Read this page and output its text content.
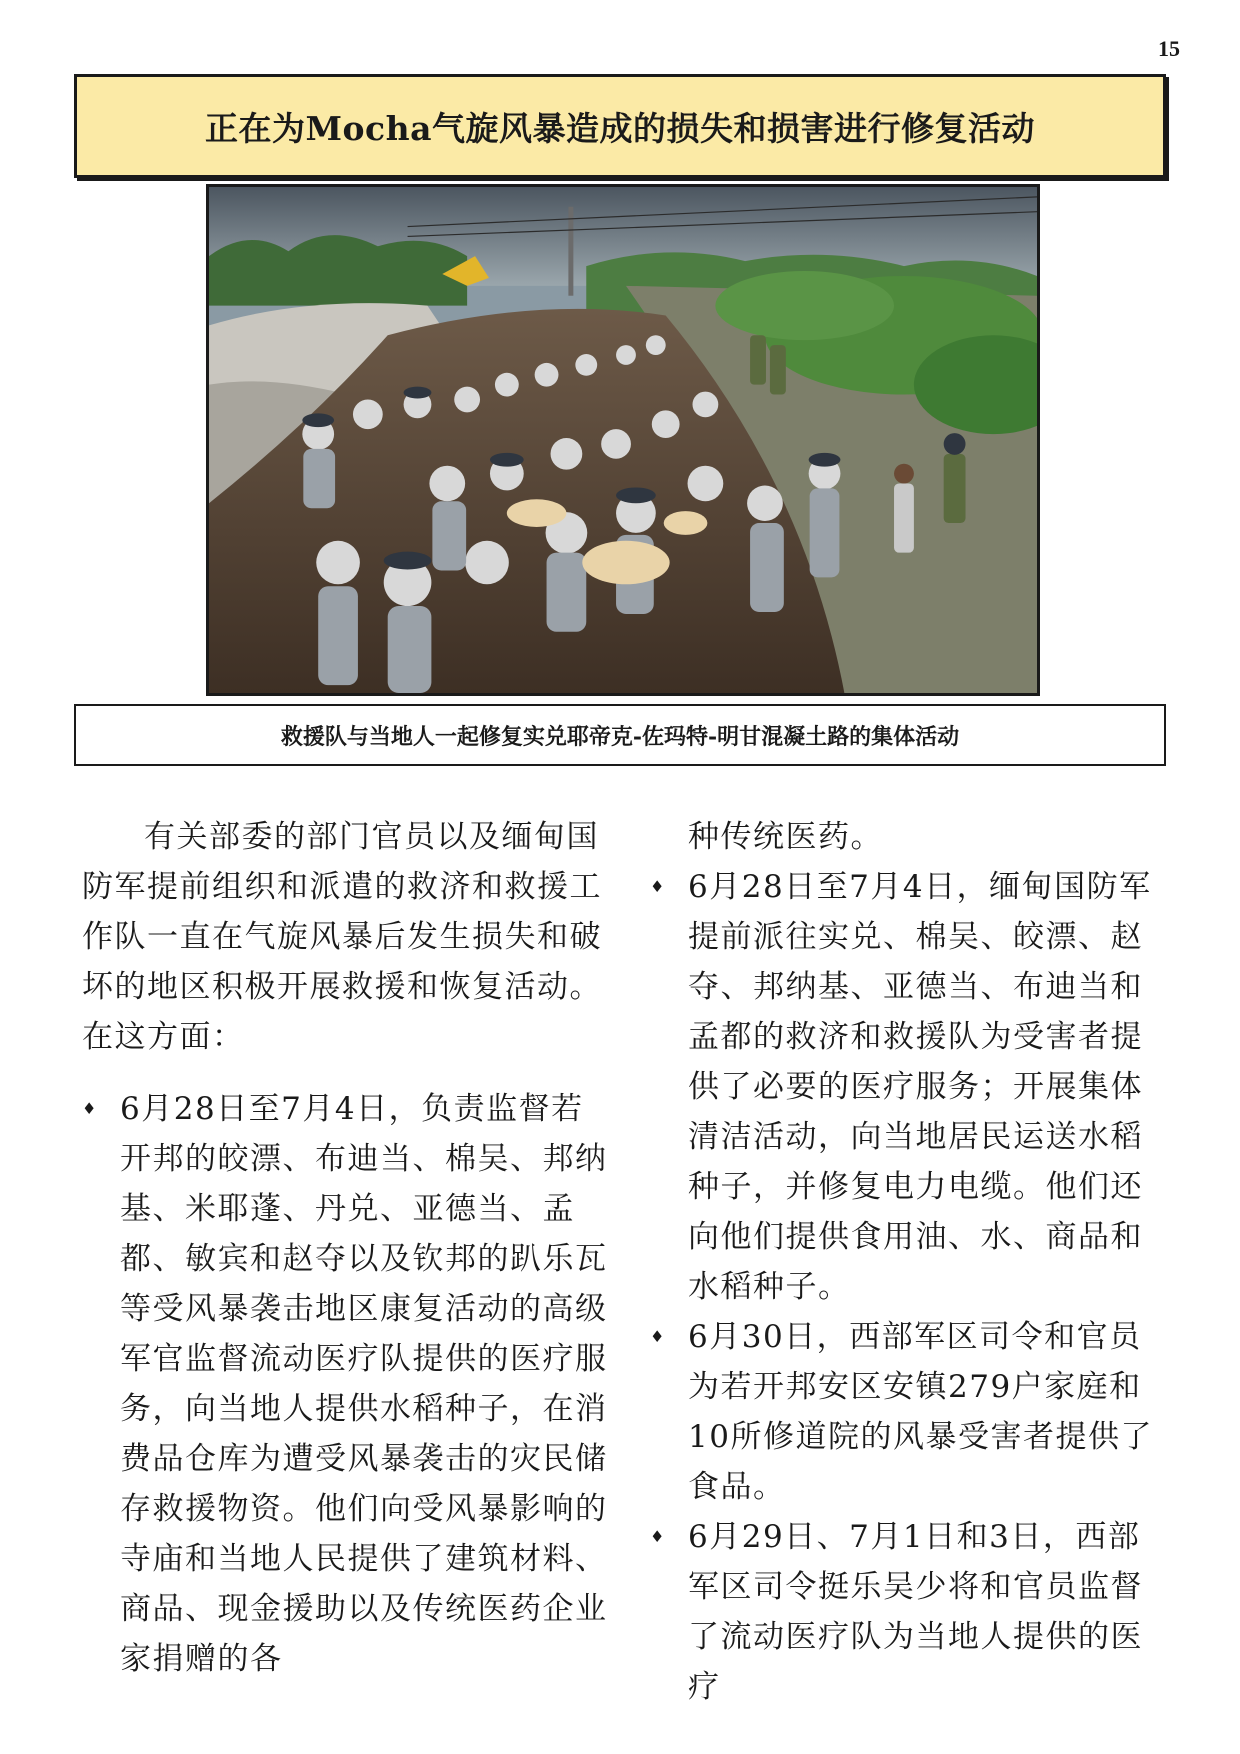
15
正在为Mocha气旋风暴造成的损失和损害进行修复活动
救援队与当地人一起修复实兑耶帝克-佐玛特-明甘混凝土路的集体活动

有关部委的部门官员以及缅甸国防军提前组织和派遣的救济和救援工作队一直在气旋风暴后发生损失和破坏的地区积极开展救援和恢复活动。在这方面：

♦ 6月28日至7月4日，负责监督若开邦的皎漂、布迪当、棉吴、邦纳基、米耶蓬、丹兑、亚德当、孟都、敏宾和赵夺以及钦邦的趴乐瓦等受风暴袭击地区康复活动的高级军官监督流动医疗队提供的医疗服务，向当地人提供水稻种子，在消费品仓库为遭受风暴袭击的灾民储存救援物资。他们向受风暴影响的寺庙和当地人民提供了建筑材料、商品、现金援助以及传统医药企业家捐赠的各

种传统医药。

♦ 6月28日至7月4日，缅甸国防军提前派往实兑、棉吴、皎漂、赵夺、邦纳基、亚德当、布迪当和孟都的救济和救援队为受害者提供了必要的医疗服务；开展集体清洁活动，向当地居民运送水稻种子，并修复电力电缆。他们还向他们提供食用油、水、商品和水稻种子。

♦ 6月30日，西部军区司令和官员为若开邦安区安镇279户家庭和10所修道院的风暴受害者提供了食品。

♦ 6月29日、7月1日和3日，西部军区司令挺乐吴少将和官员监督了流动医疗队为当地人提供的医疗
